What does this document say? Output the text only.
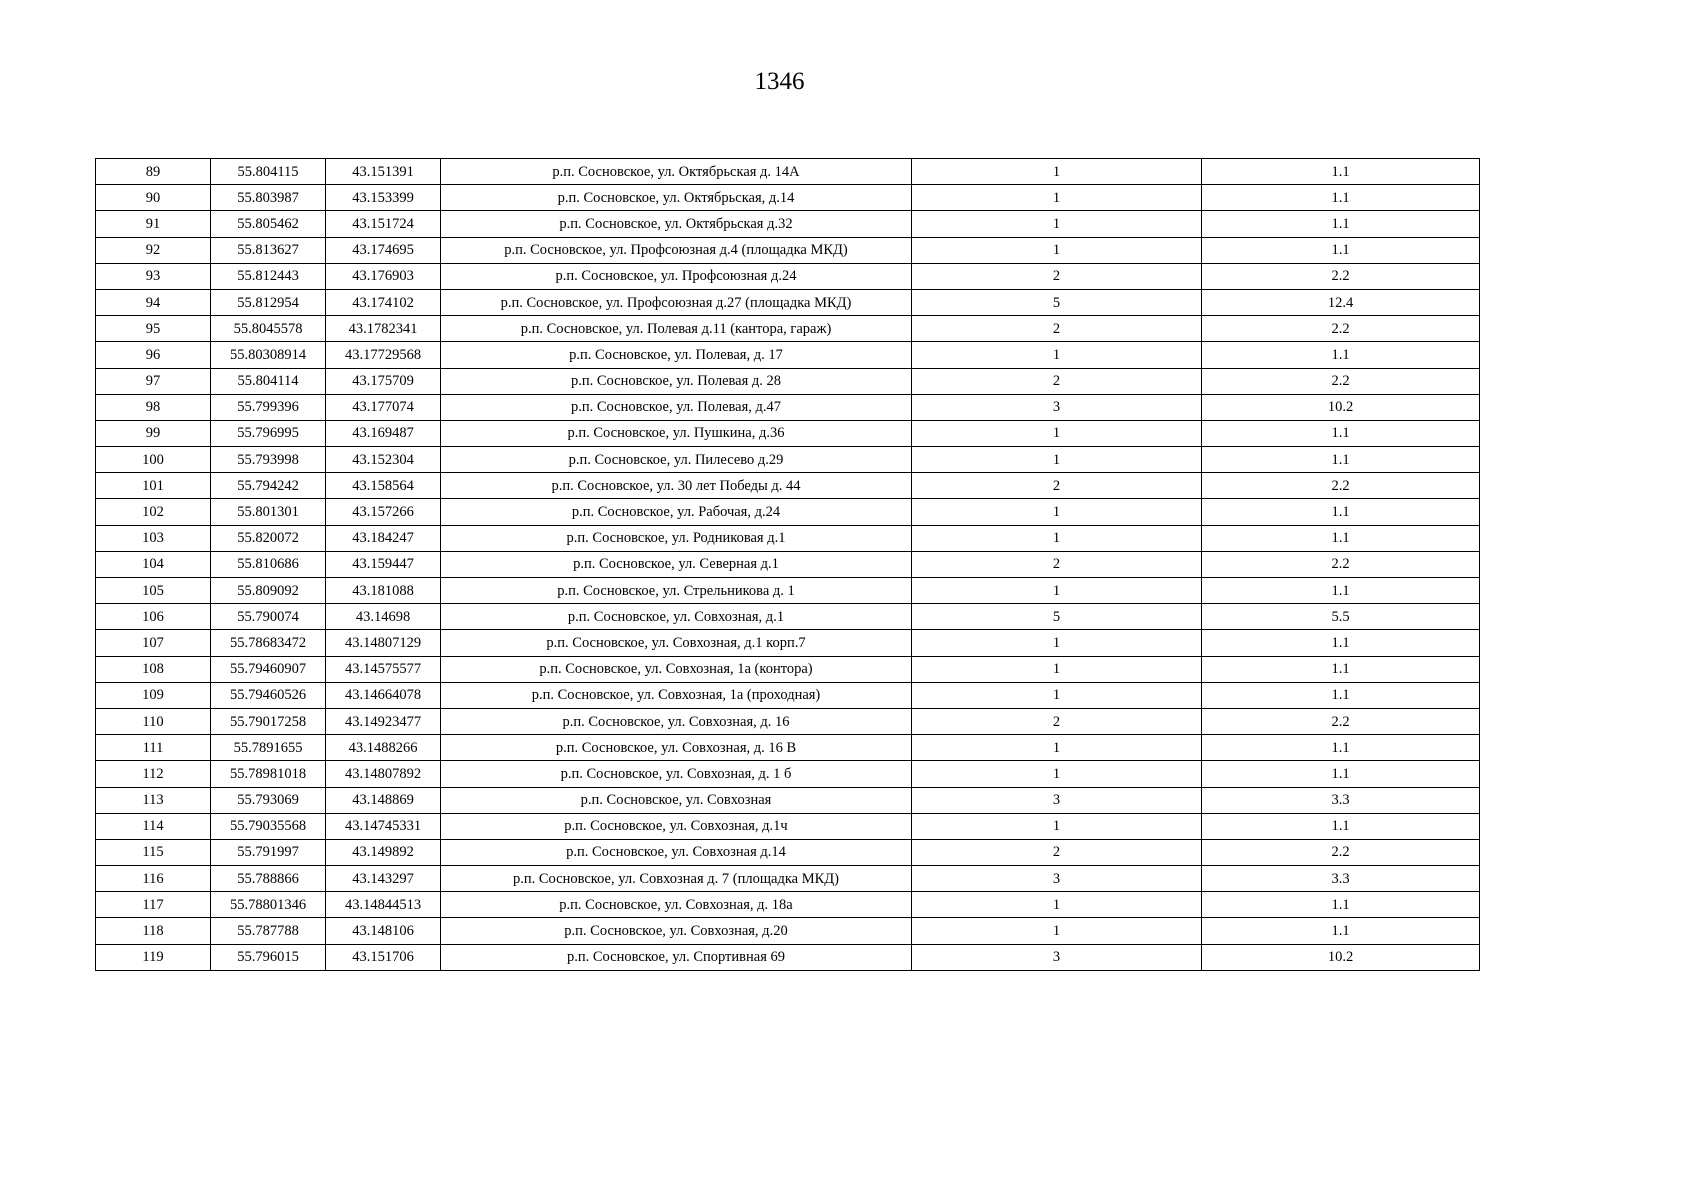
1346
89	55.804115	43.151391	р.п. Сосновское, ул. Октябрьская д. 14А	1	1.1
90	55.803987	43.153399	р.п. Сосновское, ул. Октябрьская, д.14	1	1.1
91	55.805462	43.151724	р.п. Сосновское, ул. Октябрьская д.32	1	1.1
92	55.813627	43.174695	р.п. Сосновское, ул. Профсоюзная д.4 (площадка МКД)	1	1.1
93	55.812443	43.176903	р.п. Сосновское, ул. Профсоюзная д.24	2	2.2
94	55.812954	43.174102	р.п. Сосновское, ул. Профсоюзная д.27 (площадка МКД)	5	12.4
95	55.8045578	43.1782341	р.п. Сосновское, ул. Полевая д.11 (кантора, гараж)	2	2.2
96	55.80308914	43.17729568	р.п. Сосновское, ул. Полевая, д. 17	1	1.1
97	55.804114	43.175709	р.п. Сосновское, ул. Полевая д. 28	2	2.2
98	55.799396	43.177074	р.п. Сосновское, ул. Полевая, д.47	3	10.2
99	55.796995	43.169487	р.п. Сосновское, ул. Пушкина, д.36	1	1.1
100	55.793998	43.152304	р.п. Сосновское, ул. Пилесево д.29	1	1.1
101	55.794242	43.158564	р.п. Сосновское, ул. 30 лет Победы д. 44	2	2.2
102	55.801301	43.157266	р.п. Сосновское, ул. Рабочая, д.24	1	1.1
103	55.820072	43.184247	р.п. Сосновское, ул. Родниковая д.1	1	1.1
104	55.810686	43.159447	р.п. Сосновское, ул. Северная д.1	2	2.2
105	55.809092	43.181088	р.п. Сосновское, ул. Стрельникова д. 1	1	1.1
106	55.790074	43.14698	р.п. Сосновское, ул. Совхозная, д.1	5	5.5
107	55.78683472	43.14807129	р.п. Сосновское, ул. Совхозная, д.1 корп.7	1	1.1
108	55.79460907	43.14575577	р.п. Сосновское, ул. Совхозная, 1а (контора)	1	1.1
109	55.79460526	43.14664078	р.п. Сосновское, ул. Совхозная, 1а (проходная)	1	1.1
110	55.79017258	43.14923477	р.п. Сосновское, ул. Совхозная, д. 16	2	2.2
111	55.7891655	43.1488266	р.п. Сосновское, ул. Совхозная, д. 16 В	1	1.1
112	55.78981018	43.14807892	р.п. Сосновское, ул. Совхозная, д. 1 б	1	1.1
113	55.793069	43.148869	р.п. Сосновское, ул. Совхозная	3	3.3
114	55.79035568	43.14745331	р.п. Сосновское, ул. Совхозная, д.1ч	1	1.1
115	55.791997	43.149892	р.п. Сосновское, ул. Совхозная д.14	2	2.2
116	55.788866	43.143297	р.п. Сосновское, ул. Совхозная д. 7 (площадка МКД)	3	3.3
117	55.78801346	43.14844513	р.п. Сосновское, ул. Совхозная, д. 18а	1	1.1
118	55.787788	43.148106	р.п. Сосновское, ул. Совхозная, д.20	1	1.1
119	55.796015	43.151706	р.п. Сосновское, ул. Спортивная 69	3	10.2
